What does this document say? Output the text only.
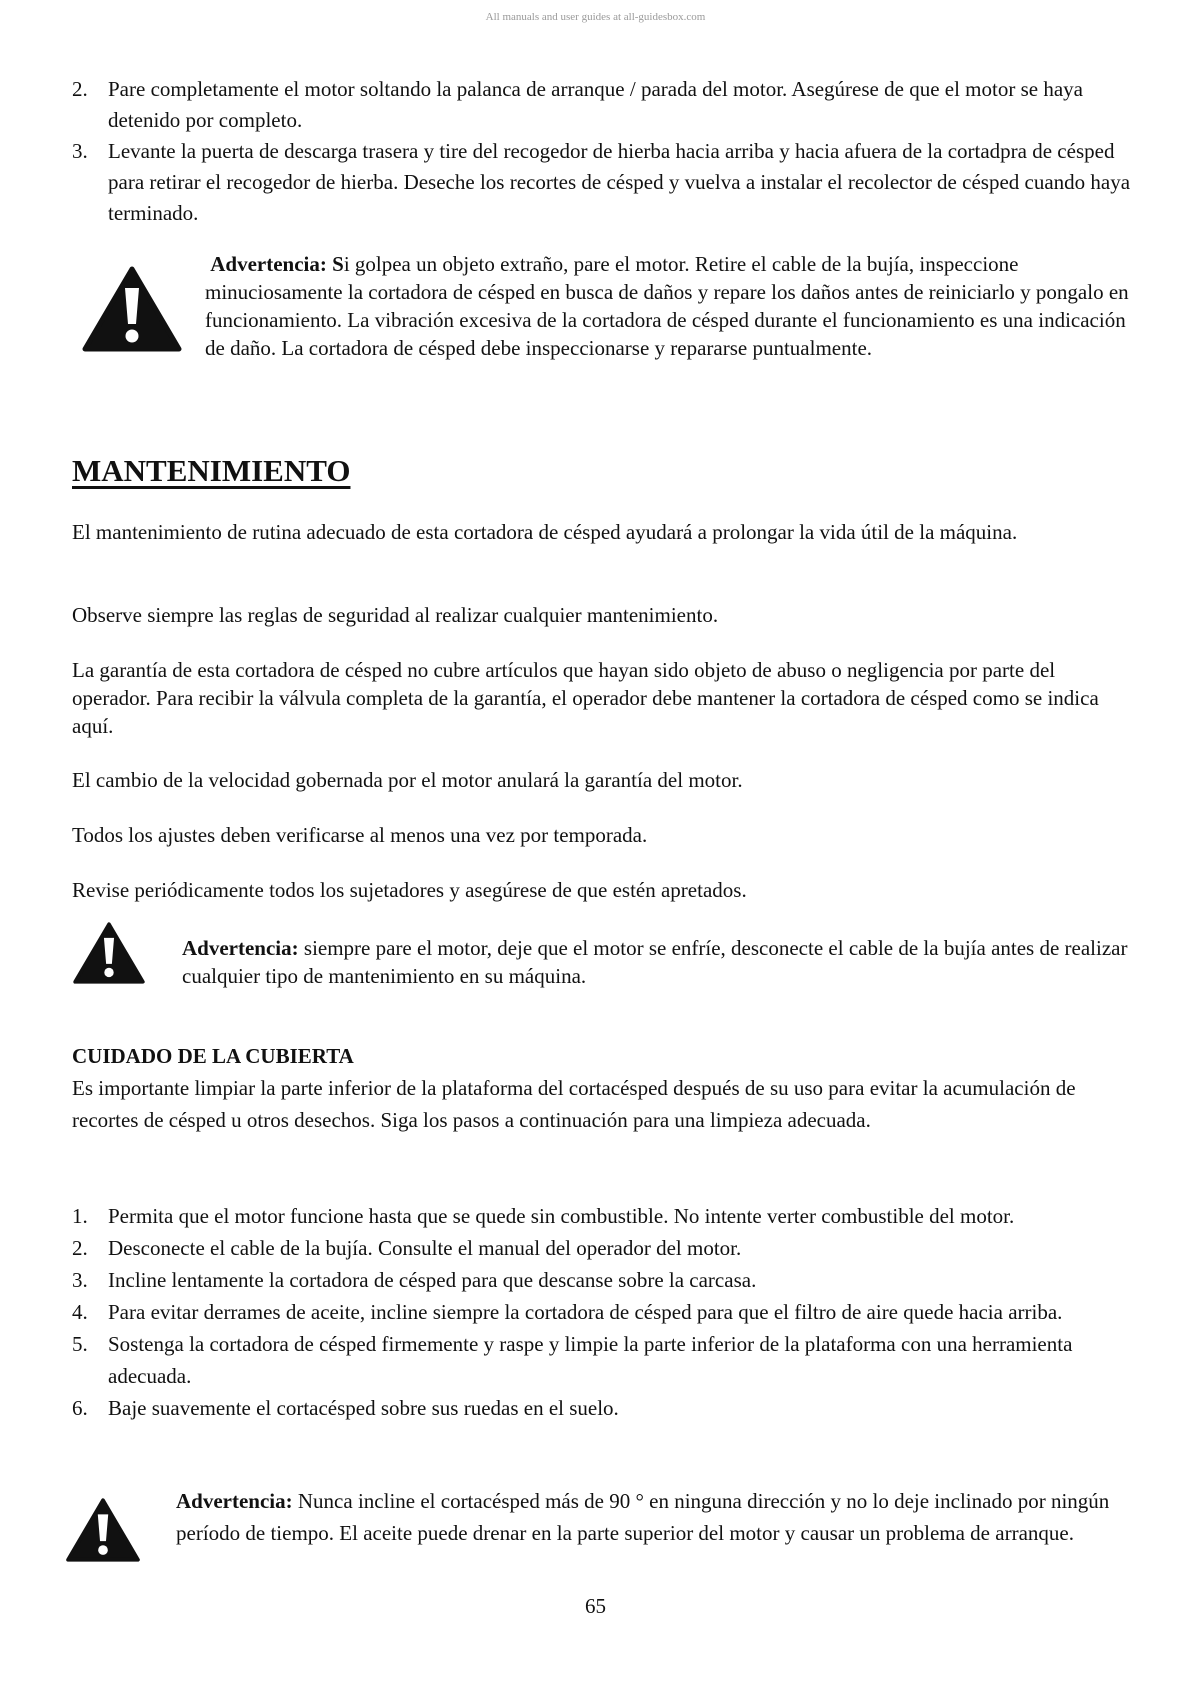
All manuals and user guides at all-guidesbox.com
2. Pare completamente el motor soltando la palanca de arranque / parada del motor. Asegúrese de que el motor se haya detenido por completo.
3. Levante la puerta de descarga trasera y tire del recogedor de hierba hacia arriba y hacia afuera de la cortadpra de césped para retirar el recogedor de hierba. Deseche los recortes de césped y vuelva a instalar el recolector de césped cuando haya terminado.
Advertencia: Si golpea un objeto extraño, pare el motor. Retire el cable de la bujía, inspeccione minuciosamente la cortadora de césped en busca de daños y repare los daños antes de reiniciarlo y pongalo en funcionamiento. La vibración excesiva de la cortadora de césped durante el funcionamiento es una indicación de daño. La cortadora de césped debe inspeccionarse y repararse puntualmente.
MANTENIMIENTO

El mantenimiento de rutina adecuado de esta cortadora de césped ayudará a prolongar la vida útil de la máquina.

Observe siempre las reglas de seguridad al realizar cualquier mantenimiento.

La garantía de esta cortadora de césped no cubre artículos que hayan sido objeto de abuso o negligencia por parte del operador. Para recibir la válvula completa de la garantía, el operador debe mantener la cortadora de césped como se indica aquí.

El cambio de la velocidad gobernada por el motor anulará la garantía del motor.

Todos los ajustes deben verificarse al menos una vez por temporada.

Revise periódicamente todos los sujetadores y asegúrese de que estén apretados.

Advertencia: siempre pare el motor, deje que el motor se enfríe, desconecte el cable de la bujía antes de realizar cualquier tipo de mantenimiento en su máquina.
CUIDADO DE LA CUBIERTA

Es importante limpiar la parte inferior de la plataforma del cortacésped después de su uso para evitar la acumulación de recortes de césped u otros desechos. Siga los pasos a continuación para una limpieza adecuada.

1. Permita que el motor funcione hasta que se quede sin combustible. No intente verter combustible del motor.
2. Desconecte el cable de la bujía. Consulte el manual del operador del motor.
3. Incline lentamente la cortadora de césped para que descanse sobre la carcasa.
4. Para evitar derrames de aceite, incline siempre la cortadora de césped para que el filtro de aire quede hacia arriba.
5. Sostenga la cortadora de césped firmemente y raspe y limpie la parte inferior de la plataforma con una herramienta adecuada.
6. Baje suavemente el cortacésped sobre sus ruedas en el suelo.
Advertencia: Nunca incline el cortacésped más de 90 ° en ninguna dirección y no lo deje inclinado por ningún período de tiempo. El aceite puede drenar en la parte superior del motor y causar un problema de arranque.
65
